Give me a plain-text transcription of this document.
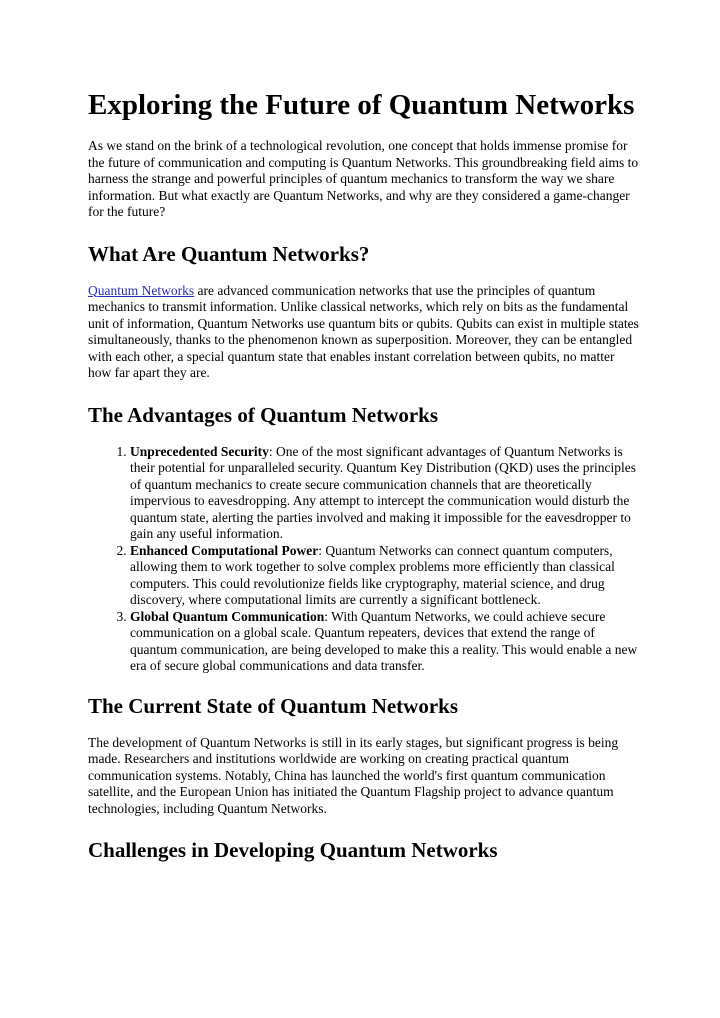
Exploring the Future of Quantum Networks

As we stand on the brink of a technological revolution, one concept that holds immense promise for the future of communication and computing is Quantum Networks. This groundbreaking field aims to harness the strange and powerful principles of quantum mechanics to transform the way we share information. But what exactly are Quantum Networks, and why are they considered a game-changer for the future?

What Are Quantum Networks?

Quantum Networks are advanced communication networks that use the principles of quantum mechanics to transmit information. Unlike classical networks, which rely on bits as the fundamental unit of information, Quantum Networks use quantum bits or qubits. Qubits can exist in multiple states simultaneously, thanks to the phenomenon known as superposition. Moreover, they can be entangled with each other, a special quantum state that enables instant correlation between qubits, no matter how far apart they are.

The Advantages of Quantum Networks
1. Unprecedented Security: One of the most significant advantages of Quantum Networks is their potential for unparalleled security. Quantum Key Distribution (QKD) uses the principles of quantum mechanics to create secure communication channels that are theoretically impervious to eavesdropping. Any attempt to intercept the communication would disturb the quantum state, alerting the parties involved and making it impossible for the eavesdropper to gain any useful information.
2. Enhanced Computational Power: Quantum Networks can connect quantum computers, allowing them to work together to solve complex problems more efficiently than classical computers. This could revolutionize fields like cryptography, material science, and drug discovery, where computational limits are currently a significant bottleneck.
3. Global Quantum Communication: With Quantum Networks, we could achieve secure communication on a global scale. Quantum repeaters, devices that extend the range of quantum communication, are being developed to make this a reality. This would enable a new era of secure global communications and data transfer.
The Current State of Quantum Networks

The development of Quantum Networks is still in its early stages, but significant progress is being made. Researchers and institutions worldwide are working on creating practical quantum communication systems. Notably, China has launched the world's first quantum communication satellite, and the European Union has initiated the Quantum Flagship project to advance quantum technologies, including Quantum Networks.

Challenges in Developing Quantum Networks
